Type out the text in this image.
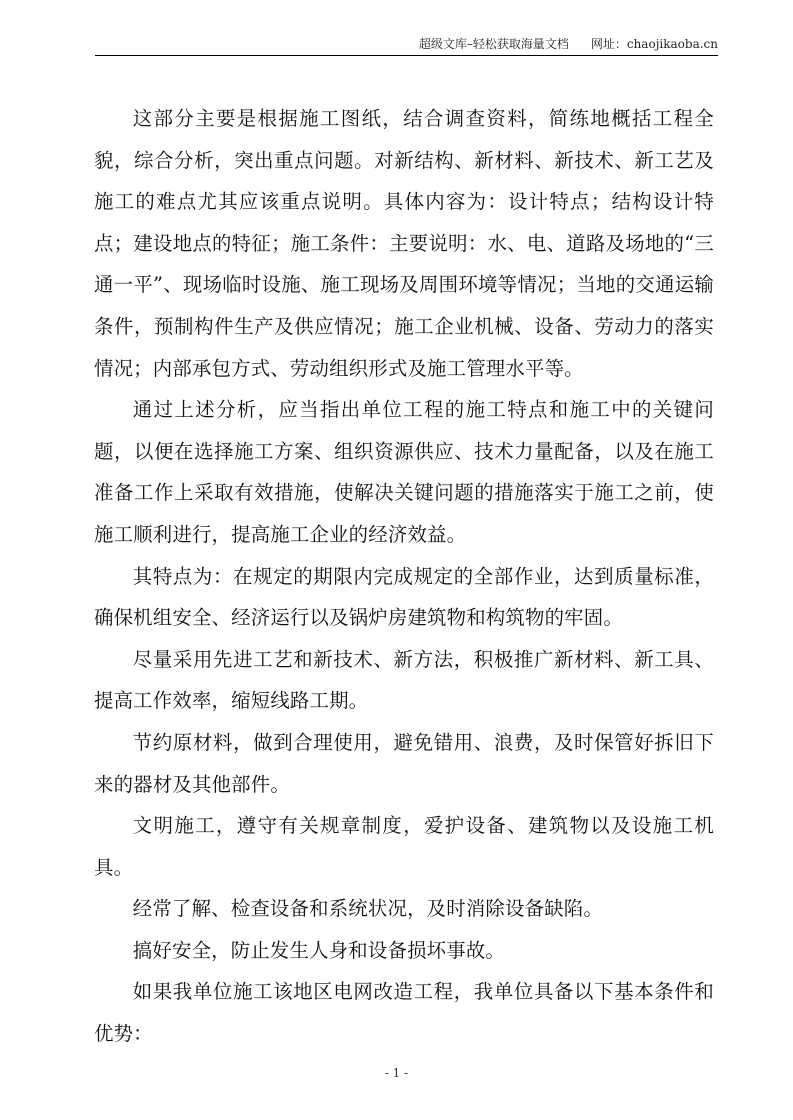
超级文库–轻松获取海量文档 网址：chaojikaoba.cn

这部分主要是根据施工图纸，结合调查资料，简练地概括工程全貌，综合分析，突出重点问题。对新结构、新材料、新技术、新工艺及施工的难点尤其应该重点说明。具体内容为：设计特点；结构设计特点；建设地点的特征；施工条件：主要说明：水、电、道路及场地的“三通一平”、现场临时设施、施工现场及周围环境等情况；当地的交通运输条件，预制构件生产及供应情况；施工企业机械、设备、劳动力的落实情况；内部承包方式、劳动组织形式及施工管理水平等。

通过上述分析，应当指出单位工程的施工特点和施工中的关键问题，以便在选择施工方案、组织资源供应、技术力量配备，以及在施工准备工作上采取有效措施，使解决关键问题的措施落实于施工之前，使施工顺利进行，提高施工企业的经济效益。

其特点为：在规定的期限内完成规定的全部作业，达到质量标准，确保机组安全、经济运行以及锅炉房建筑物和构筑物的牢固。

尽量采用先进工艺和新技术、新方法，积极推广新材料、新工具、提高工作效率，缩短线路工期。

节约原材料，做到合理使用，避免错用、浪费，及时保管好拆旧下来的器材及其他部件。

文明施工，遵守有关规章制度，爱护设备、建筑物以及设施工机具。

经常了解、检查设备和系统状况，及时消除设备缺陷。

搞好安全，防止发生人身和设备损坏事故。

如果我单位施工该地区电网改造工程，我单位具备以下基本条件和优势：

- 1 -
